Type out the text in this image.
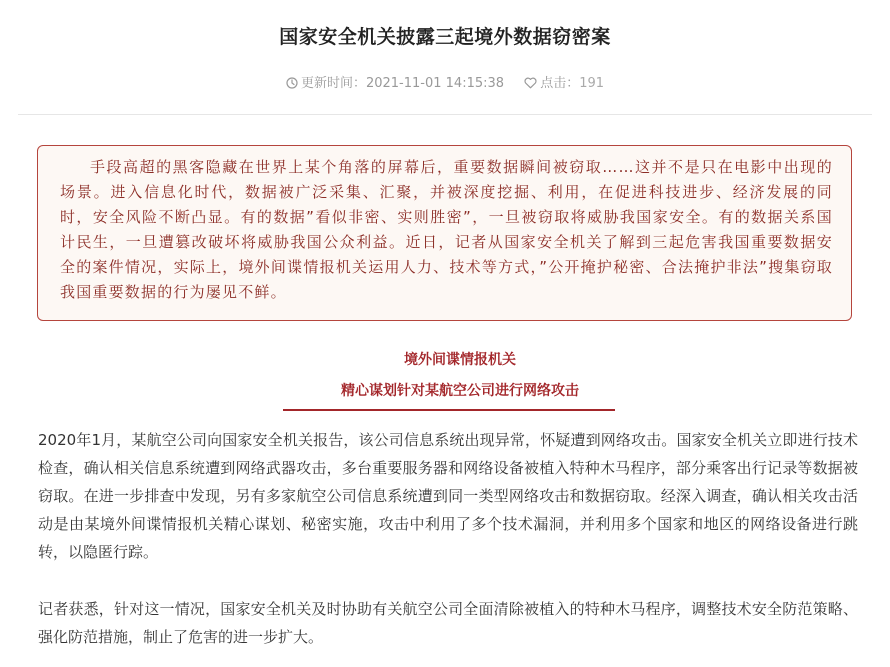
国家安全机关披露三起境外数据窃密案
更新时间：2021-11-01 14:15:38	点击：191
手段高超的黑客隐藏在世界上某个角落的屏幕后，重要数据瞬间被窃取……这并不是只在电影中出现的场景。进入信息化时代，数据被广泛采集、汇聚，并被深度挖掘、利用，在促进科技进步、经济发展的同时，安全风险不断凸显。有的数据”看似非密、实则胜密”，一旦被窃取将威胁我国家安全。有的数据关系国计民生，一旦遭篡改破坏将威胁我国公众利益。近日，记者从国家安全机关了解到三起危害我国重要数据安全的案件情况，实际上，境外间谍情报机关运用人力、技术等方式，”公开掩护秘密、合法掩护非法”搜集窃取我国重要数据的行为屡见不鲜。
境外间谍情报机关
精心谋划针对某航空公司进行网络攻击

2020年1月，某航空公司向国家安全机关报告，该公司信息系统出现异常，怀疑遭到网络攻击。国家安全机关立即进行技术检查，确认相关信息系统遭到网络武器攻击，多台重要服务器和网络设备被植入特种木马程序，部分乘客出行记录等数据被窃取。在进一步排查中发现，另有多家航空公司信息系统遭到同一类型网络攻击和数据窃取。经深入调查，确认相关攻击活动是由某境外间谍情报机关精心谋划、秘密实施，攻击中利用了多个技术漏洞，并利用多个国家和地区的网络设备进行跳转，以隐匿行踪。

记者获悉，针对这一情况，国家安全机关及时协助有关航空公司全面清除被植入的特种木马程序，调整技术安全防范策略、强化防范措施，制止了危害的进一步扩大。
